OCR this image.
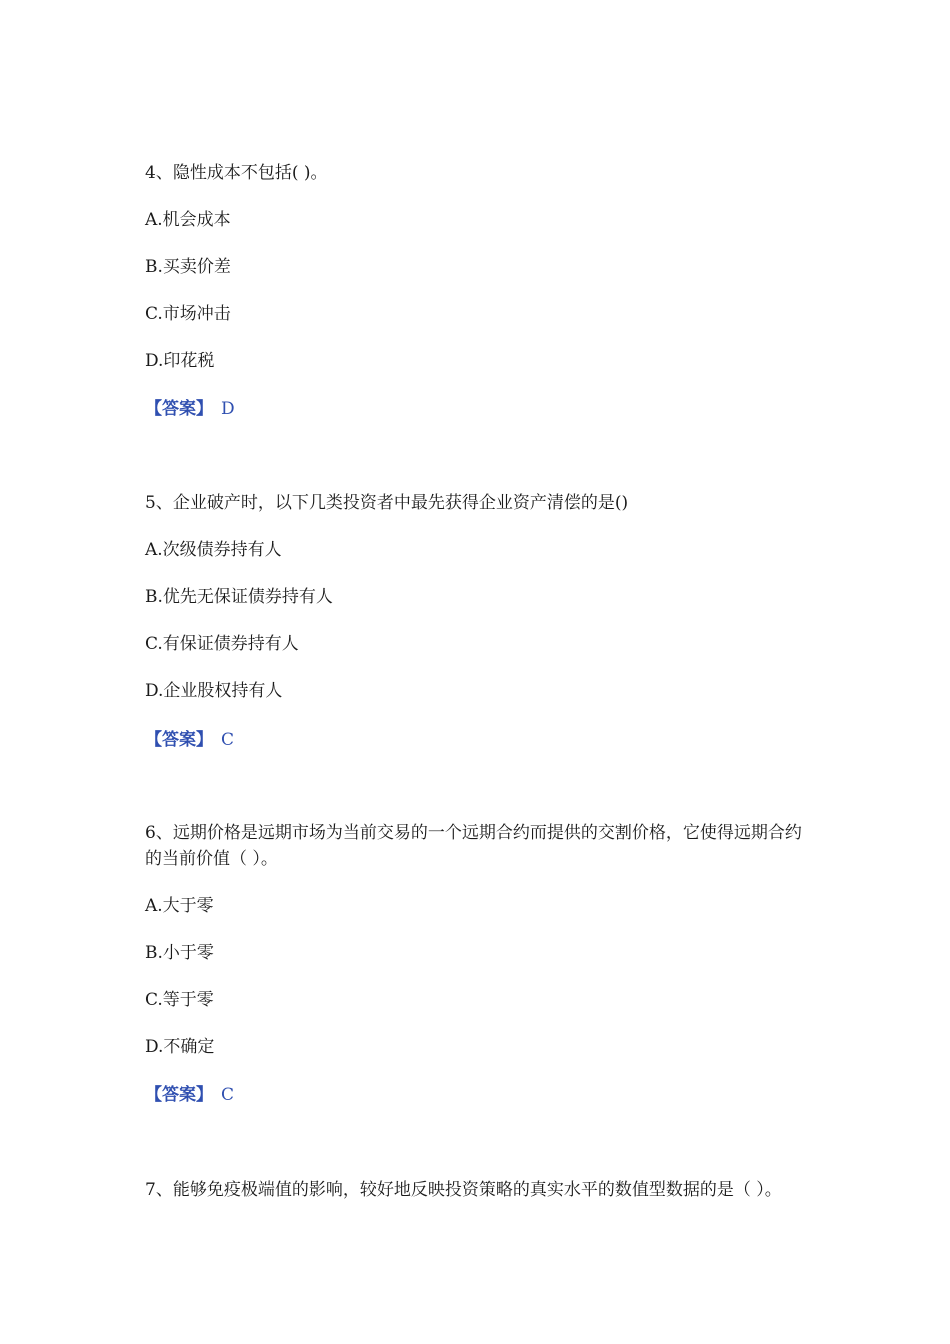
4、隐性成本不包括( )。
A.机会成本
B.买卖价差
C.市场冲击
D.印花税
【答案】 D
5、企业破产时，以下几类投资者中最先获得企业资产清偿的是()
A.次级债券持有人
B.优先无保证债券持有人
C.有保证债券持有人
D.企业股权持有人
【答案】 C
6、远期价格是远期市场为当前交易的一个远期合约而提供的交割价格，它使得远期合约的当前价值（ ）。
A.大于零
B.小于零
C.等于零
D.不确定
【答案】 C
7、能够免疫极端值的影响，较好地反映投资策略的真实水平的数值型数据的是（ ）。
